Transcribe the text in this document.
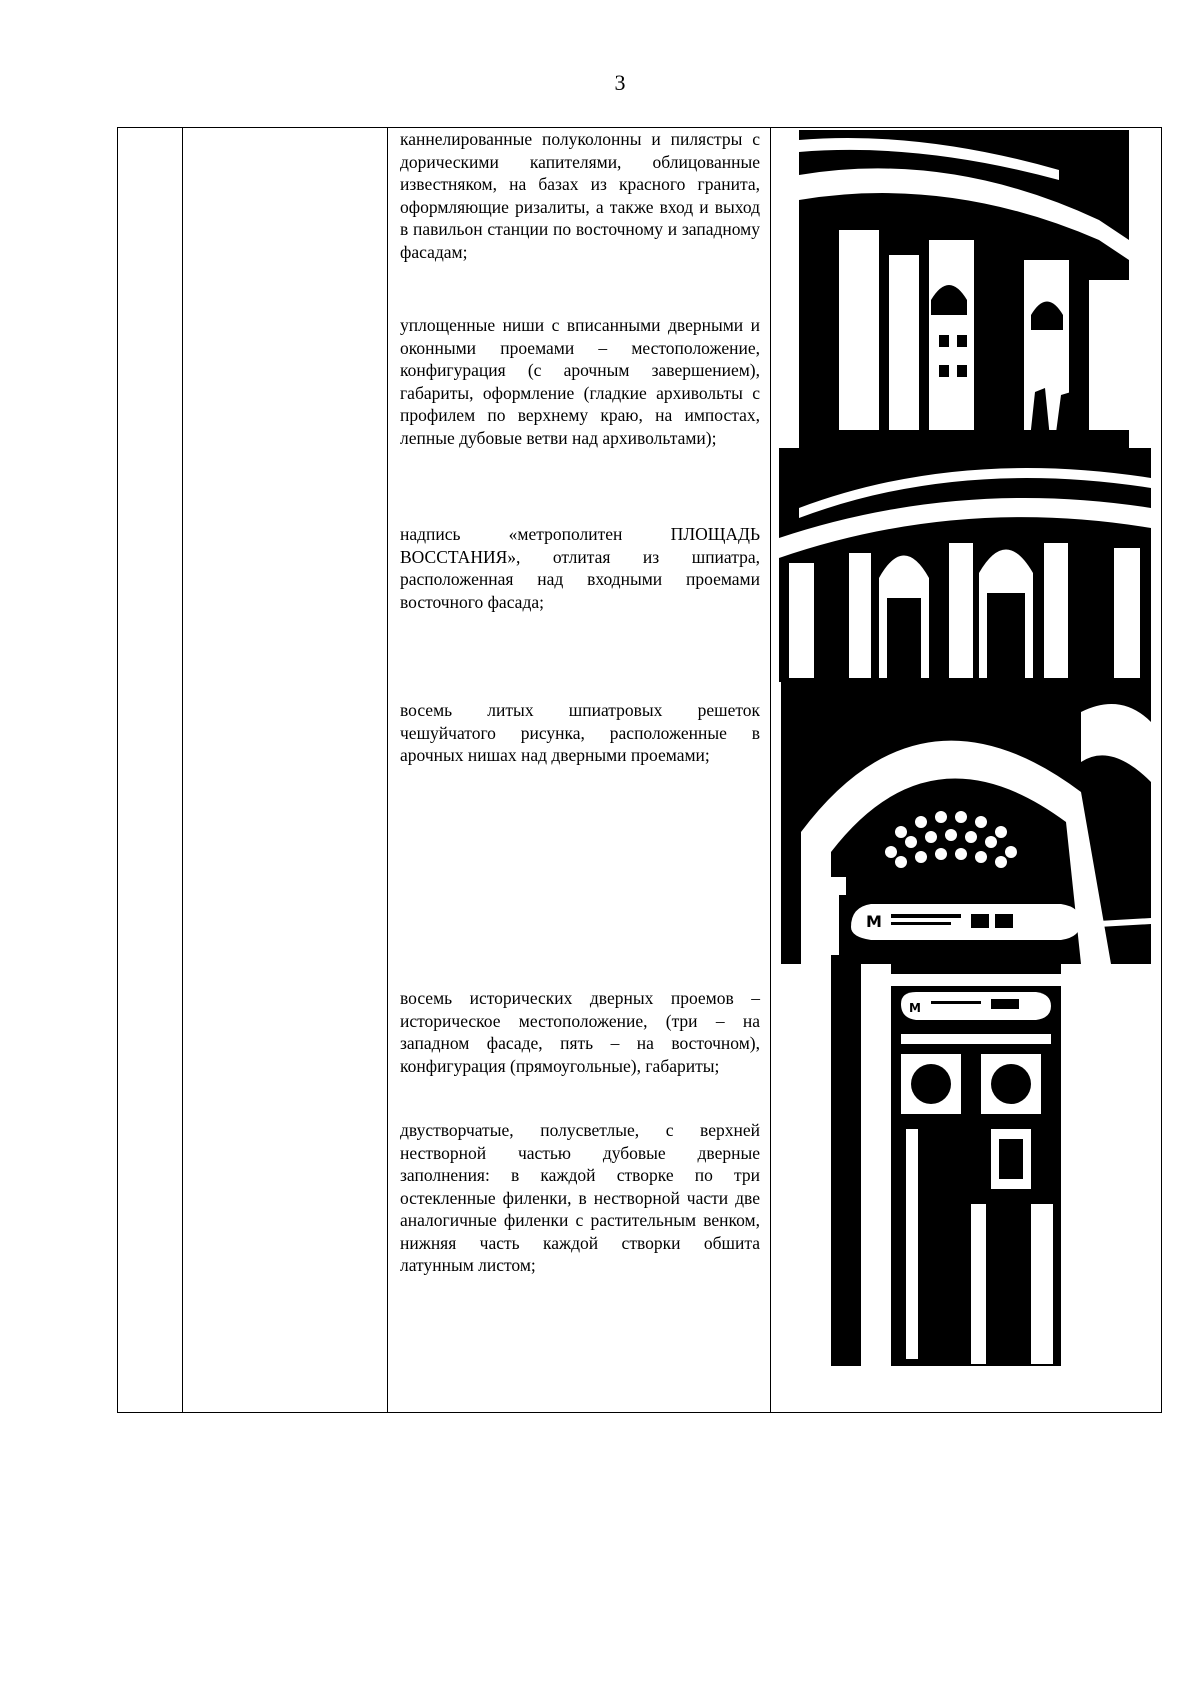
3

каннелированные полуколонны и пилястры с дорическими капителями, облицованные известняком, на базах из красного гранита, оформляющие ризалиты, а также вход и выход в павильон станции по восточному и западному фасадам;
уплощенные ниши с вписанными дверными и оконными проемами – местоположение, конфигурация (с арочным завершением), габариты, оформление (гладкие архивольты с профилем по верхнему краю, на импостах, лепные дубовые ветви над архивольтами);
надпись «метрополитен ПЛОЩАДЬ ВОССТАНИЯ», отлитая из шпиатра, расположенная над входными проемами восточного фасада;
восемь литых шпиатровых решеток чешуйчатого рисунка, расположенные в арочных нишах над дверными проемами;
восемь исторических дверных проемов – историческое местоположение, (три – на западном фасаде, пять – на восточном), конфигурация (прямоугольные), габариты;
двустворчатые, полусветлые, с верхней нестворной частью дубовые дверные заполнения: в каждой створке по три остекленные филенки, в нестворной части две аналогичные филенки с растительным венком, нижняя часть каждой створки обшита латунным листом;

M
M
